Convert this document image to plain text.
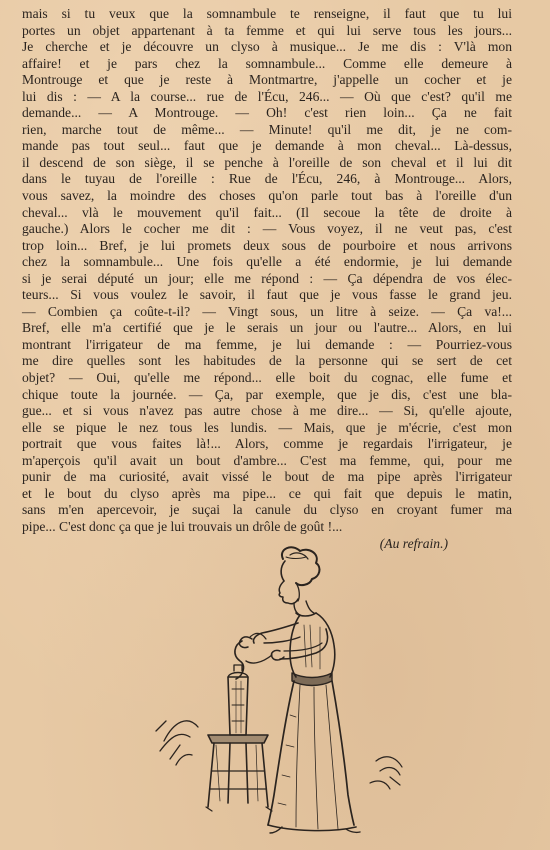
mais si tu veux que la somnambule te renseigne, il faut que tu lui
portes un objet appartenant à ta femme et qui lui serve tous les jours...
Je cherche et je découvre un clyso à musique... Je me dis : V'là mon
affaire! et je pars chez la somnambule... Comme elle demeure à
Montrouge et que je reste à Montmartre, j'appelle un cocher et je
lui dis : — A la course... rue de l'Écu, 246... — Où que c'est? qu'il me
demande... — A Montrouge. — Oh! c'est rien loin... Ça ne fait
rien, marche tout de même... — Minute! qu'il me dit, je ne com-
mande pas tout seul... faut que je demande à mon cheval... Là-dessus,
il descend de son siège, il se penche à l'oreille de son cheval et il lui dit
dans le tuyau de l'oreille : Rue de l'Écu, 246, à Montrouge... Alors,
vous savez, la moindre des choses qu'on parle tout bas à l'oreille d'un
cheval... vlà le mouvement qu'il fait... (Il secoue la tête de droite à
gauche.) Alors le cocher me dit : — Vous voyez, il ne veut pas, c'est
trop loin... Bref, je lui promets deux sous de pourboire et nous arrivons
chez la somnambule... Une fois qu'elle a été endormie, je lui demande
si je serai député un jour; elle me répond : — Ça dépendra de vos élec-
teurs... Si vous voulez le savoir, il faut que je vous fasse le grand jeu.
— Combien ça coûte-t-il? — Vingt sous, un litre à seize. — Ça va!...
Bref, elle m'a certifié que je le serais un jour ou l'autre... Alors, en lui
montrant l'irrigateur de ma femme, je lui demande : — Pourriez-vous
me dire quelles sont les habitudes de la personne qui se sert de cet
objet? — Oui, qu'elle me répond... elle boit du cognac, elle fume et
chique toute la journée. — Ça, par exemple, que je dis, c'est une bla-
gue... et si vous n'avez pas autre chose à me dire... — Si, qu'elle ajoute,
elle se pique le nez tous les lundis. — Mais, que je m'écrie, c'est mon
portrait que vous faites là!... Alors, comme je regardais l'irrigateur, je
m'aperçois qu'il avait un bout d'ambre... C'est ma femme, qui, pour me
punir de ma curiosité, avait vissé le bout de ma pipe après l'irrigateur
et le bout du clyso après ma pipe... ce qui fait que depuis le matin,
sans m'en apercevoir, je suçai la canule du clyso en croyant fumer ma
pipe... C'est donc ça que je lui trouvais un drôle de goût !...
(Au refrain.)
